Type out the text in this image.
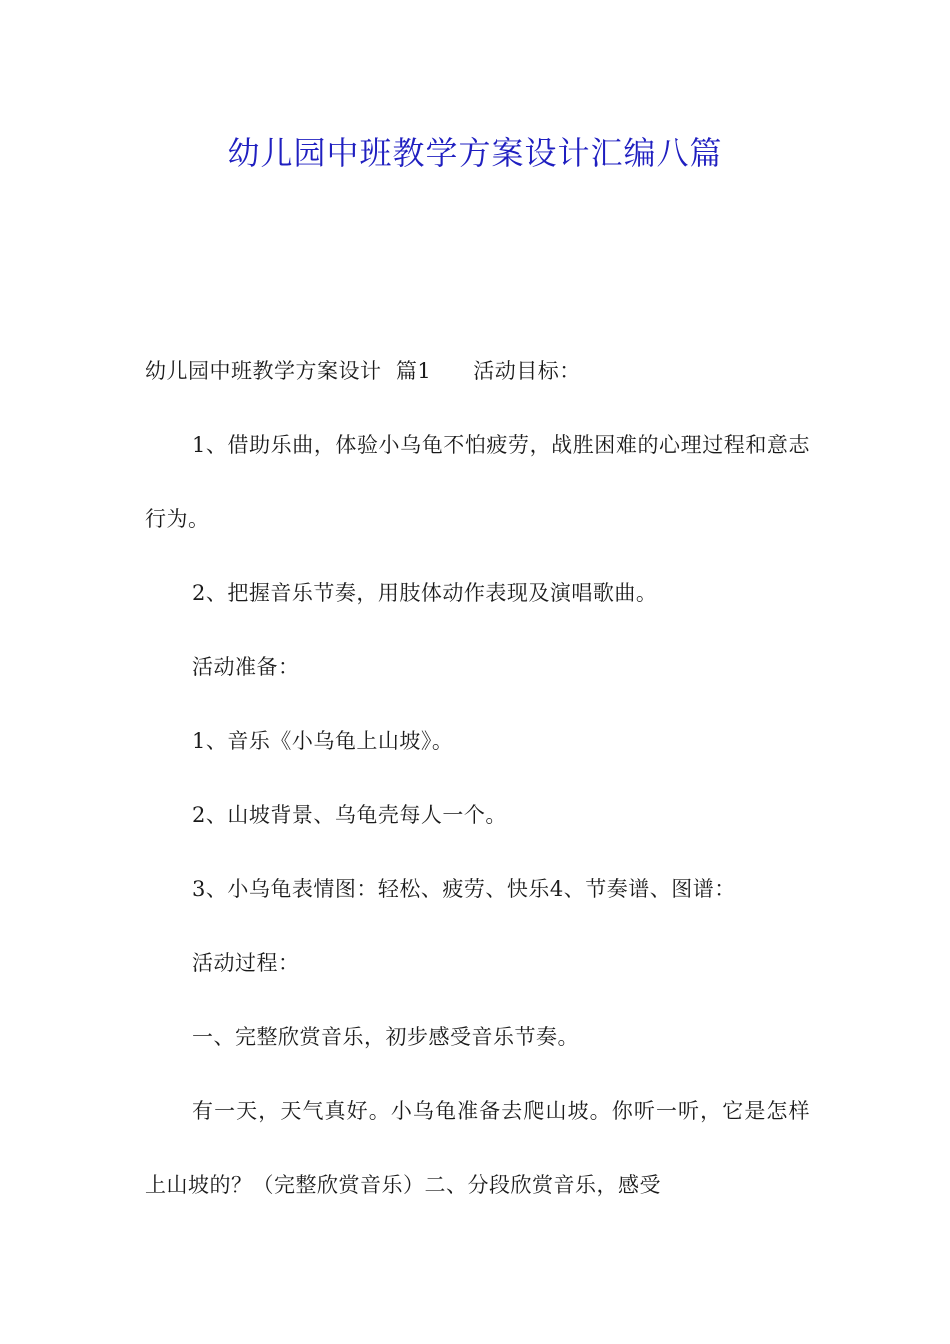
幼儿园中班教学方案设计汇编八篇

幼儿园中班教学方案设计 篇1 活动目标：

1、借助乐曲，体验小乌龟不怕疲劳，战胜困难的心理过程和意志行为。

2、把握音乐节奏，用肢体动作表现及演唱歌曲。

活动准备：

1、音乐《小乌龟上山坡》。

2、山坡背景、乌龟壳每人一个。

3、小乌龟表情图：轻松、疲劳、快乐4、节奏谱、图谱：

活动过程：

一、完整欣赏音乐，初步感受音乐节奏。

有一天，天气真好。小乌龟准备去爬山坡。你听一听，它是怎样上山坡的？（完整欣赏音乐）二、分段欣赏音乐，感受
